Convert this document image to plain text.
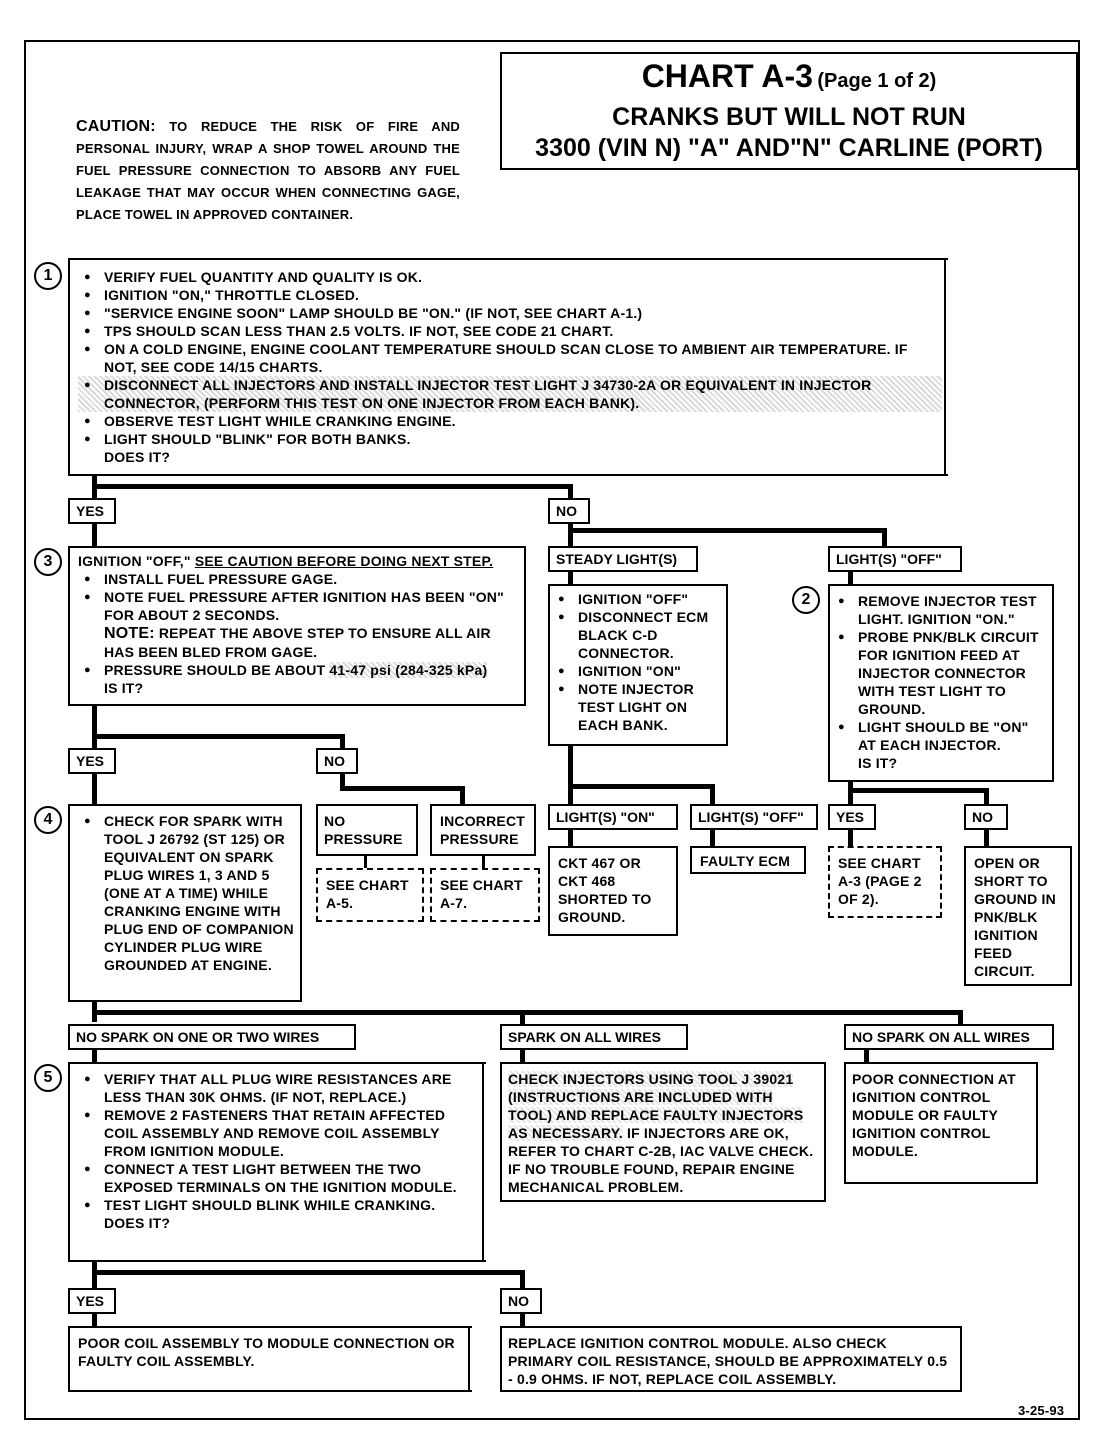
CHART A-3 (Page 1 of 2)
CRANKS BUT WILL NOT RUN
3300 (VIN N) "A" AND"N" CARLINE (PORT)
CAUTION: TO REDUCE THE RISK OF FIRE AND PERSONAL INJURY, WRAP A SHOP TOWEL AROUND THE FUEL PRESSURE CONNECTION TO ABSORB ANY FUEL LEAKAGE THAT MAY OCCUR WHEN CONNECTING GAGE, PLACE TOWEL IN APPROVED CONTAINER.
1	● VERIFY FUEL QUANTITY AND QUALITY IS OK.
● IGNITION "ON," THROTTLE CLOSED.
● "SERVICE ENGINE SOON" LAMP SHOULD BE "ON." (IF NOT, SEE CHART A-1.)
● TPS SHOULD SCAN LESS THAN 2.5 VOLTS. IF NOT, SEE CODE 21 CHART.
● ON A COLD ENGINE, ENGINE COOLANT TEMPERATURE SHOULD SCAN CLOSE TO AMBIENT AIR TEMPERATURE. IF NOT, SEE CODE 14/15 CHARTS.
● DISCONNECT ALL INJECTORS AND INSTALL INJECTOR TEST LIGHT J 34730-2A OR EQUIVALENT IN INJECTOR CONNECTOR, (PERFORM THIS TEST ON ONE INJECTOR FROM EACH BANK).
● OBSERVE TEST LIGHT WHILE CRANKING ENGINE.
● LIGHT SHOULD "BLINK" FOR BOTH BANKS.
DOES IT?
YES	NO
3	IGNITION "OFF," SEE CAUTION BEFORE DOING NEXT STEP.
● INSTALL FUEL PRESSURE GAGE.
● NOTE FUEL PRESSURE AFTER IGNITION HAS BEEN "ON" FOR ABOUT 2 SECONDS.
NOTE: REPEAT THE ABOVE STEP TO ENSURE ALL AIR HAS BEEN BLED FROM GAGE.
● PRESSURE SHOULD BE ABOUT 41-47 psi (284-325 kPa)
IS IT?
STEADY LIGHT(S)	LIGHT(S) "OFF"
● IGNITION "OFF"
● DISCONNECT ECM BLACK C-D CONNECTOR.
● IGNITION "ON"
● NOTE INJECTOR TEST LIGHT ON EACH BANK.
2	● REMOVE INJECTOR TEST LIGHT. IGNITION "ON."
● PROBE PNK/BLK CIRCUIT FOR IGNITION FEED AT INJECTOR CONNECTOR WITH TEST LIGHT TO GROUND.
● LIGHT SHOULD BE "ON" AT EACH INJECTOR.
IS IT?
YES	NO
4	● CHECK FOR SPARK WITH TOOL J 26792 (ST 125) OR EQUIVALENT ON SPARK PLUG WIRES 1, 3 AND 5 (ONE AT A TIME) WHILE CRANKING ENGINE WITH PLUG END OF COMPANION CYLINDER PLUG WIRE GROUNDED AT ENGINE.
NO PRESSURE
INCORRECT PRESSURE
SEE CHART A-5.
SEE CHART A-7.
LIGHT(S) "ON"	LIGHT(S) "OFF"
CKT 467 OR CKT 468 SHORTED TO GROUND.
FAULTY ECM
YES	NO
SEE CHART A-3 (PAGE 2 OF 2).
OPEN OR SHORT TO GROUND IN PNK/BLK IGNITION FEED CIRCUIT.
NO SPARK ON ONE OR TWO WIRES	SPARK ON ALL WIRES	NO SPARK ON ALL WIRES
5	● VERIFY THAT ALL PLUG WIRE RESISTANCES ARE LESS THAN 30K OHMS. (IF NOT, REPLACE.)
● REMOVE 2 FASTENERS THAT RETAIN AFFECTED COIL ASSEMBLY AND REMOVE COIL ASSEMBLY FROM IGNITION MODULE.
● CONNECT A TEST LIGHT BETWEEN THE TWO EXPOSED TERMINALS ON THE IGNITION MODULE.
● TEST LIGHT SHOULD BLINK WHILE CRANKING.
DOES IT?
CHECK INJECTORS USING TOOL J 39021 (INSTRUCTIONS ARE INCLUDED WITH TOOL) AND REPLACE FAULTY INJECTORS AS NECESSARY. IF INJECTORS ARE OK, REFER TO CHART C-2B, IAC VALVE CHECK. IF NO TROUBLE FOUND, REPAIR ENGINE MECHANICAL PROBLEM.
POOR CONNECTION AT IGNITION CONTROL MODULE OR FAULTY IGNITION CONTROL MODULE.
YES	NO
POOR COIL ASSEMBLY TO MODULE CONNECTION OR FAULTY COIL ASSEMBLY.
REPLACE IGNITION CONTROL MODULE. ALSO CHECK PRIMARY COIL RESISTANCE, SHOULD BE APPROXIMATELY 0.5 - 0.9 OHMS. IF NOT, REPLACE COIL ASSEMBLY.
3-25-93
